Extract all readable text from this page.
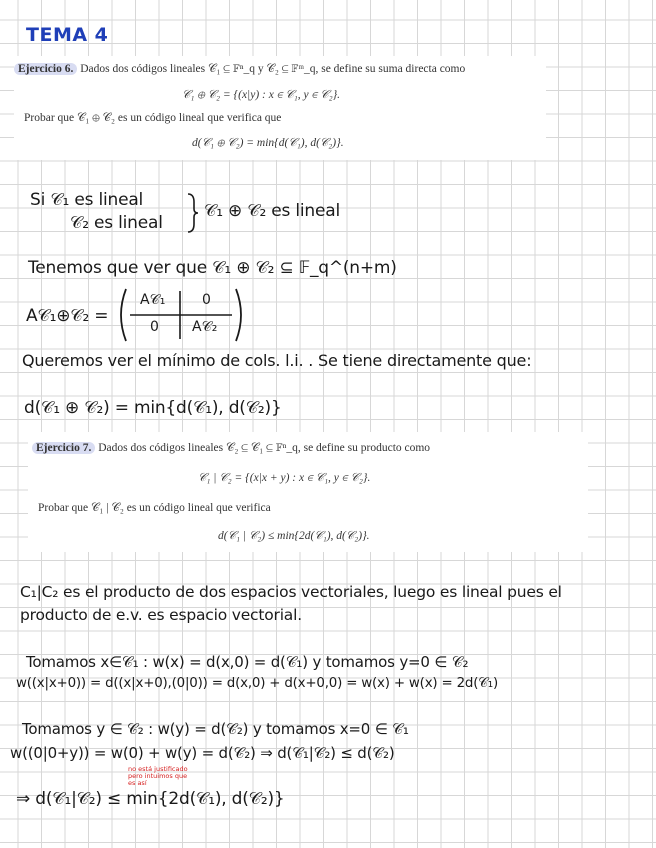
TEMA 4

Ejercicio 6. Dados dos códigos lineales 𝒞₁ ⊆ 𝔽ⁿ_q y 𝒞₂ ⊆ 𝔽ᵐ_q, se define su suma directa como

𝒞₁ ⊕ 𝒞₂ = {(x|y) : x ∈ 𝒞₁, y ∈ 𝒞₂}.

Probar que 𝒞₁ ⊕ 𝒞₂ es un código lineal que verifica que

d(𝒞₁ ⊕ 𝒞₂) = min{d(𝒞₁), d(𝒞₂)}.

Si 𝒞₁ es lineal

𝒞₂ es lineal

𝒞₁ ⊕ 𝒞₂ es lineal

Tenemos que ver que 𝒞₁ ⊕ 𝒞₂ ⊆ 𝔽_q^(n+m)

A𝒞₁⊕𝒞₂ =

A𝒞₁	0
0 A𝒞₂

Queremos ver el mínimo de cols. l.i. . Se tiene directamente que:

d(𝒞₁ ⊕ 𝒞₂) = min{d(𝒞₁), d(𝒞₂)}

Ejercicio 7. Dados dos códigos lineales 𝒞₂ ⊆ 𝒞₁ ⊆ 𝔽ⁿ_q, se define su producto como

𝒞₁ | 𝒞₂ = {(x|x + y) : x ∈ 𝒞₁, y ∈ 𝒞₂}.

Probar que 𝒞₁ | 𝒞₂ es un código lineal que verifica

d(𝒞₁ | 𝒞₂) ≤ min{2d(𝒞₁), d(𝒞₂)}.

C₁|C₂ es el producto de dos espacios vectoriales, luego es lineal pues el

producto de e.v. es espacio vectorial.

Tomamos x∈𝒞₁ : w(x) = d(x,0) = d(𝒞₁) y tomamos y=0 ∈ 𝒞₂

w((x|x+0)) = d((x|x+0),(0|0)) = d(x,0) + d(x+0,0) = w(x) + w(x) = 2d(𝒞₁)

Tomamos y ∈ 𝒞₂ : w(y) = d(𝒞₂) y tomamos x=0 ∈ 𝒞₁

w((0|0+y)) = w(0) + w(y) = d(𝒞₂) ⇒ d(𝒞₁|𝒞₂) ≤ d(𝒞₂)

no está justificado pero intuimos que es así

⇒ d(𝒞₁|𝒞₂) ≤ min{2d(𝒞₁), d(𝒞₂)}
